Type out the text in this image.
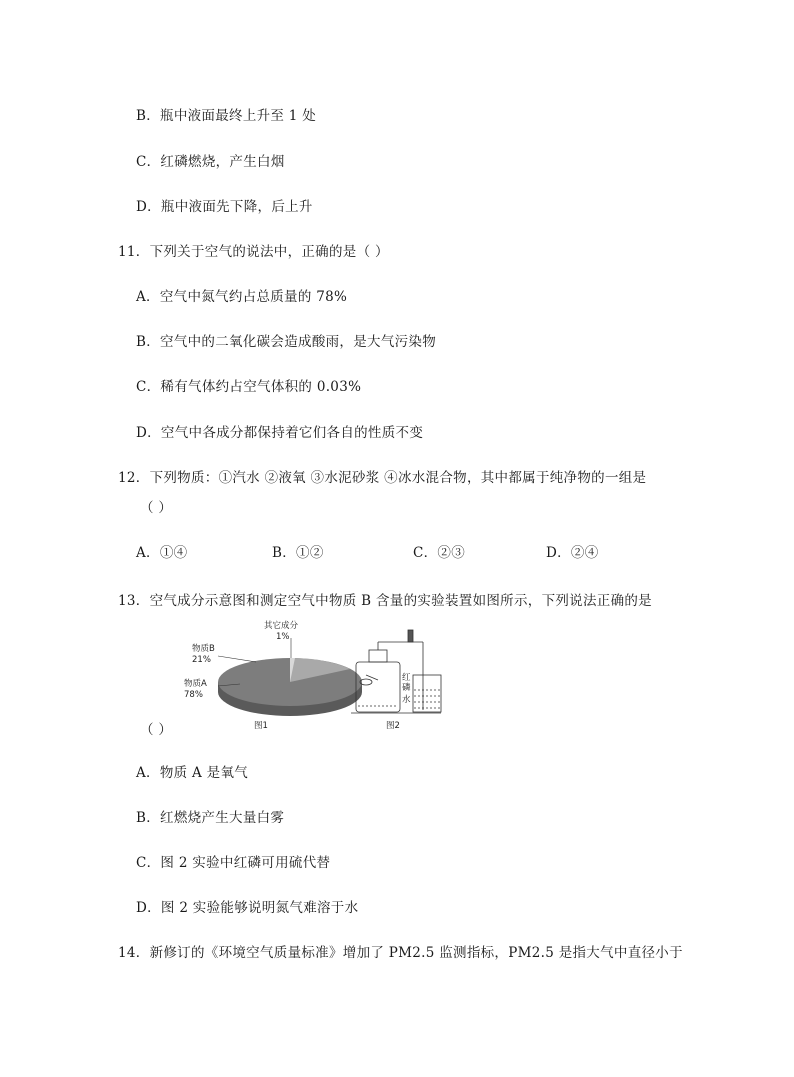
B．瓶中液面最终上升至 1 处
C．红磷燃烧，产生白烟
D．瓶中液面先下降，后上升
11．下列关于空气的说法中，正确的是（ ）
A．空气中氮气约占总质量的 78%
B．空气中的二氧化碳会造成酸雨，是大气污染物
C．稀有气体约占空气体积的 0.03%
D．空气中各成分都保持着它们各自的性质不变
12．下列物质：①汽水 ②液氧 ③水泥砂浆 ④冰水混合物，其中都属于纯净物的一组是
（ ）
A．①④	B．①②	C．②③	D．②④
13．空气成分示意图和测定空气中物质 B 含量的实验装置如图所示，下列说法正确的是
其它成分
1%
物质B
21%
物质A
78%
图1
红
磷
水
图2
（ ）
A．物质 A 是氧气
B．红燃烧产生大量白雾
C．图 2 实验中红磷可用硫代替
D．图 2 实验能够说明氮气难溶于水
14．新修订的《环境空气质量标准》增加了 PM2.5 监测指标，PM2.5 是指大气中直径小于
